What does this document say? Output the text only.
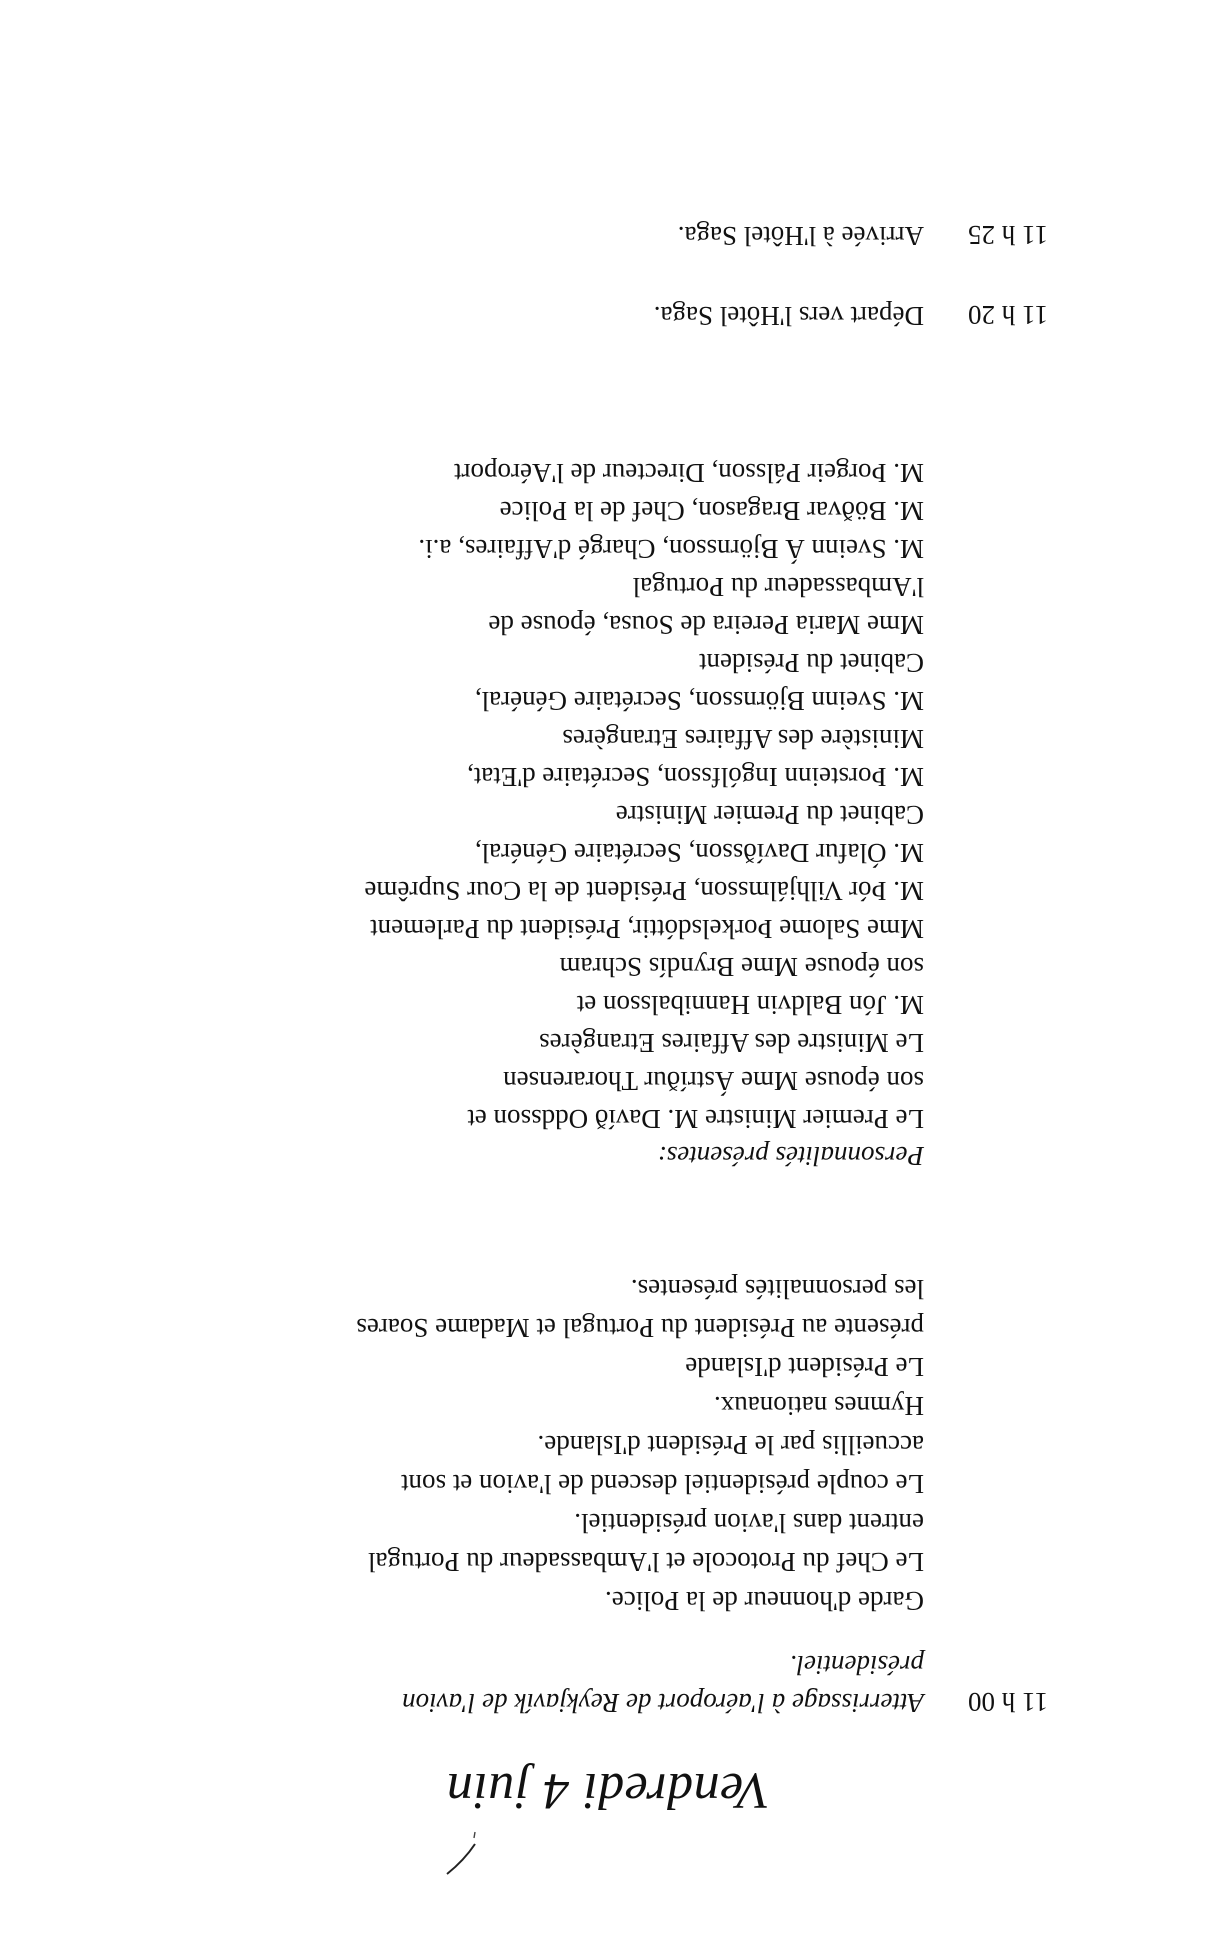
Vendredi 4 juin
11 h 00
Atterrissage à l'aéroport de Reykjavík de l'avion
présidentiel.
Garde d'honneur de la Police.
Le Chef du Protocole et l'Ambassadeur du Portugal
entrent dans l'avion présidentiel.
Le couple présidentiel descend de l'avion et sont
accueillis par le Président d'Islande.
Hymnes nationaux.
Le Président d'Islande
présente au Président du Portugal et Madame Soares
les personnalités présentes.
Personnalités présentes:
Le Premier Ministre M. Davíð Oddsson et
son épouse Mme Ástríður Thorarensen
Le Ministre des Affaires Etrangères
M. Jón Baldvin Hannibalsson et
son épouse Mme Bryndís Schram
Mme Salome Þorkelsdóttir, Président du Parlement
M. Þór Vilhjálmsson, Président de la Cour Suprême
M. Ólafur Davíðsson, Secrétaire Général,
Cabinet du Premier Ministre
M. Þorsteinn Ingólfsson, Secrétaire d'Etat,
Ministère des Affaires Etrangères
M. Sveinn Björnsson, Secrétaire Général,
Cabinet du Président
Mme Maria Pereira de Sousa, épouse de
l'Ambassadeur du Portugal
M. Sveinn Á Björnsson, Chargé d'Affaires, a.i.
M. Böðvar Bragason, Chef de la Police
M. Þorgeir Pálsson, Directeur de l'Aéroport
11 h 20
Départ vers l'Hôtel Saga.
11 h 25
Arrivée à l'Hôtel Saga.
